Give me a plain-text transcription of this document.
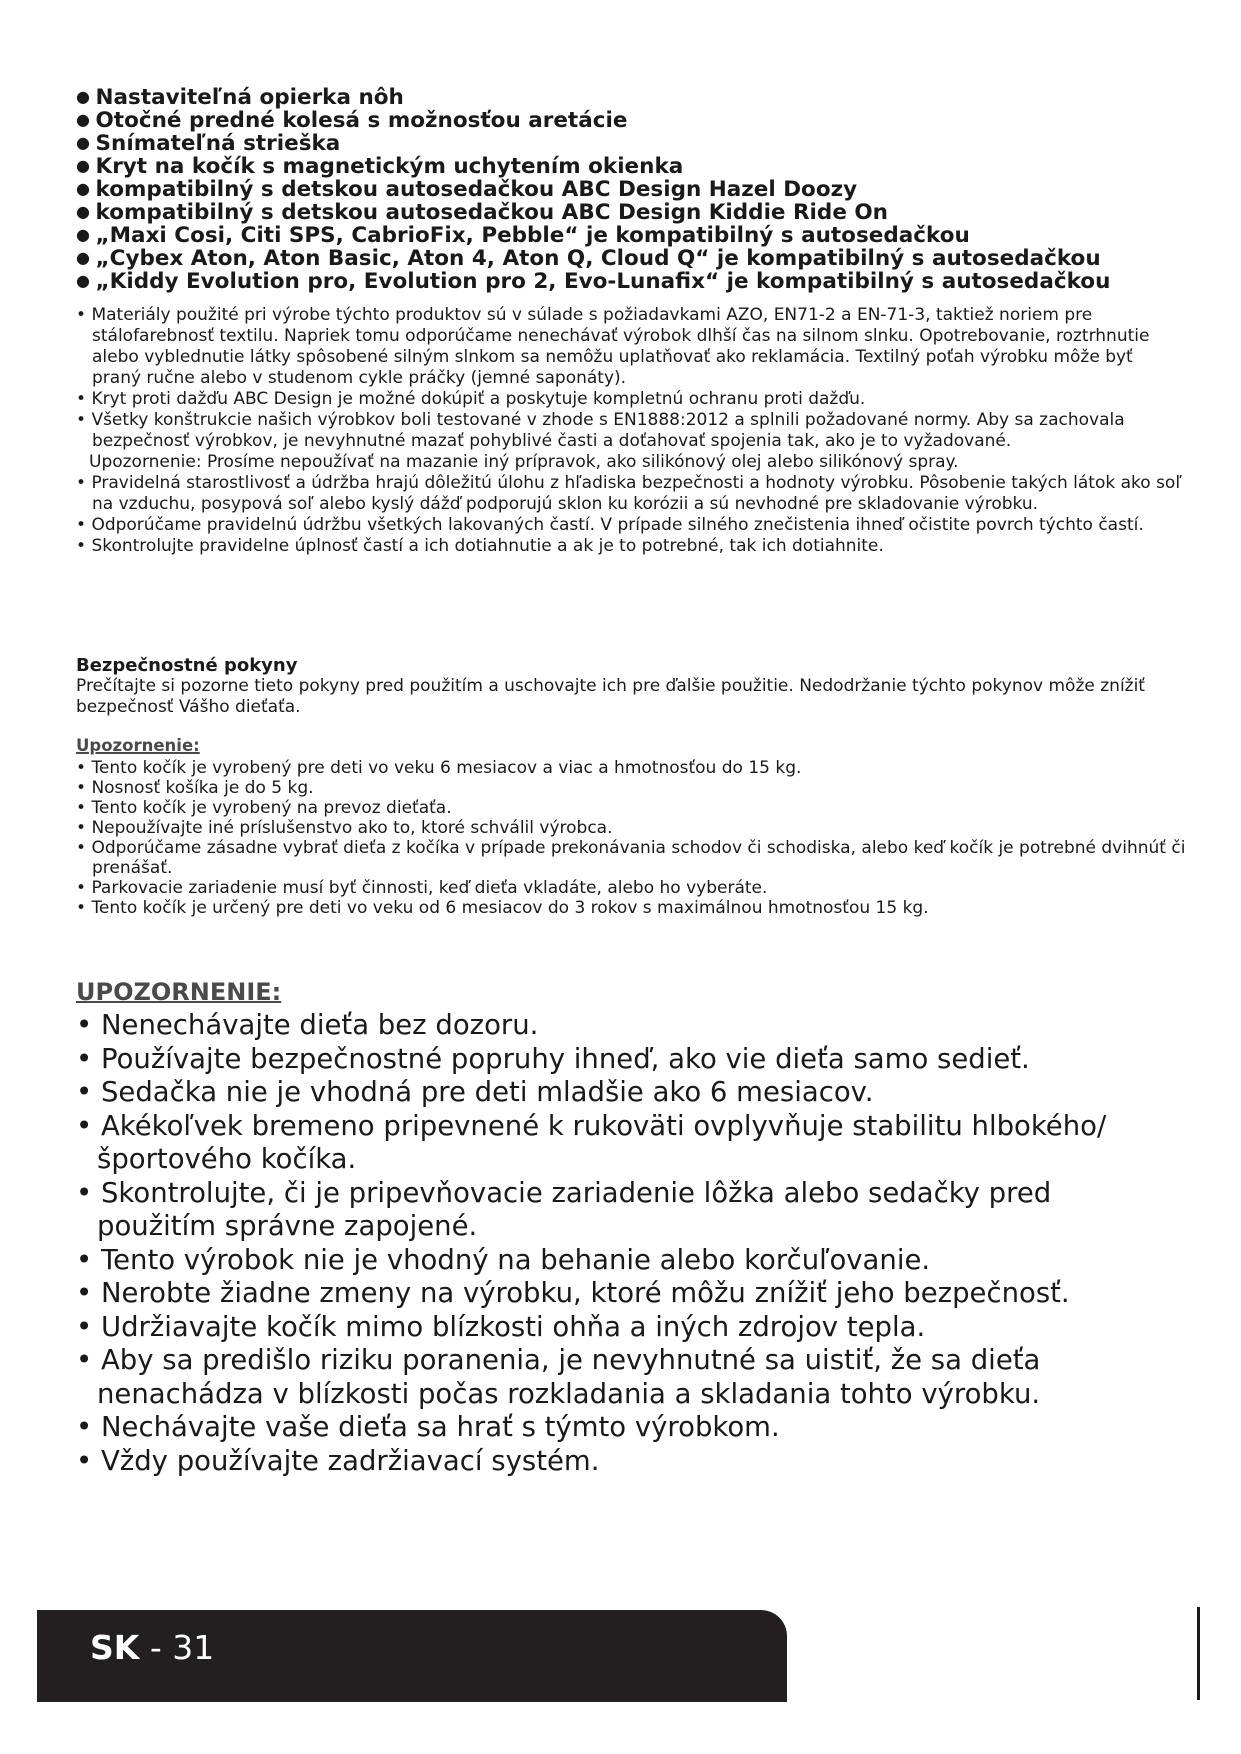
● Nastaviteľná opierka nôh
● Otočné predné kolesá s možnosťou aretácie
● Snímateľná strieška
● Kryt na kočík s magnetickým uchytením okienka
● kompatibilný s detskou autosedačkou ABC Design Hazel Doozy
● kompatibilný s detskou autosedačkou ABC Design Kiddie Ride On
● „Maxi Cosi, Citi SPS, CabrioFix, Pebble“ je kompatibilný s autosedačkou
● „Cybex Aton, Aton Basic, Aton 4, Aton Q, Cloud Q“ je kompatibilný s autosedačkou
● „Kiddy Evolution pro, Evolution pro 2, Evo-Lunafix“ je kompatibilný s autosedačkou
• Materiály použité pri výrobe týchto produktov sú v súlade s požiadavkami AZO, EN71-2 a EN-71-3, taktiež noriem pre stálofarebnosť textilu. Napriek tomu odporúčame nenechávať výrobok dlhší čas na silnom slnku. Opotrebovanie, roztrhnutie alebo vyblednutie látky spôsobené silným slnkom sa nemôžu uplatňovať ako reklamácia. Textilný poťah výrobku môže byť praný ručne alebo v studenom cykle práčky (jemné saponáty).
• Kryt proti dažďu ABC Design je možné dokúpiť a poskytuje kompletnú ochranu proti dažďu.
• Všetky konštrukcie našich výrobkov boli testované v zhode s EN1888:2012 a splnili požadované normy. Aby sa zachovala bezpečnosť výrobkov, je nevyhnutné mazať pohyblivé časti a doťahovať spojenia tak, ako je to vyžadované.
Upozornenie: Prosíme nepoužívať na mazanie iný prípravok, ako silikónový olej alebo silikónový spray.
• Pravidelná starostlivosť a údržba hrajú dôležitú úlohu z hľadiska bezpečnosti a hodnoty výrobku. Pôsobenie takých látok ako soľ na vzduchu, posypová soľ alebo kyslý dážď podporujú sklon ku korózii a sú nevhodné pre skladovanie výrobku.
• Odporúčame pravidelnú údržbu všetkých lakovaných častí. V prípade silného znečistenia ihneď očistite povrch týchto častí.
• Skontrolujte pravidelne úplnosť častí a ich dotiahnutie a ak je to potrebné, tak ich dotiahnite.
Bezpečnostné pokyny

Prečítajte si pozorne tieto pokyny pred použitím a uschovajte ich pre ďalšie použitie. Nedodržanie týchto pokynov môže znížiť bezpečnosť Vášho dieťaťa.

Upozornenie:
• Tento kočík je vyrobený pre deti vo veku 6 mesiacov a viac a hmotnosťou do 15 kg.
• Nosnosť košíka je do 5 kg.
• Tento kočík je vyrobený na prevoz dieťaťa.
• Nepoužívajte iné príslušenstvo ako to, ktoré schválil výrobca.
• Odporúčame zásadne vybrať dieťa z kočíka v prípade prekonávania schodov či schodiska, alebo keď kočík je potrebné dvihnúť či prenášať.
• Parkovacie zariadenie musí byť činnosti, keď dieťa vkladáte, alebo ho vyberáte.
• Tento kočík je určený pre deti vo veku od 6 mesiacov do 3 rokov s maximálnou hmotnosťou 15 kg.
UPOZORNENIE:
• Nenechávajte dieťa bez dozoru.
• Používajte bezpečnostné popruhy ihneď, ako vie dieťa samo sedieť.
• Sedačka nie je vhodná pre deti mladšie ako 6 mesiacov.
• Akékoľvek bremeno pripevnené k rukoväti ovplyvňuje stabilitu hlbokého/ športového kočíka.
• Skontrolujte, či je pripevňovacie zariadenie lôžka alebo sedačky pred použitím správne zapojené.
• Tento výrobok nie je vhodný na behanie alebo korčuľovanie.
• Nerobte žiadne zmeny na výrobku, ktoré môžu znížiť jeho bezpečnosť.
• Udržiavajte kočík mimo blízkosti ohňa a iných zdrojov tepla.
• Aby sa predišlo riziku poranenia, je nevyhnutné sa uistiť, že sa dieťa nenachádza v blízkosti počas rozkladania a skladania tohto výrobku.
• Nechávajte vaše dieťa sa hrať s týmto výrobkom.
• Vždy používajte zadržiavací systém.
SK - 31
